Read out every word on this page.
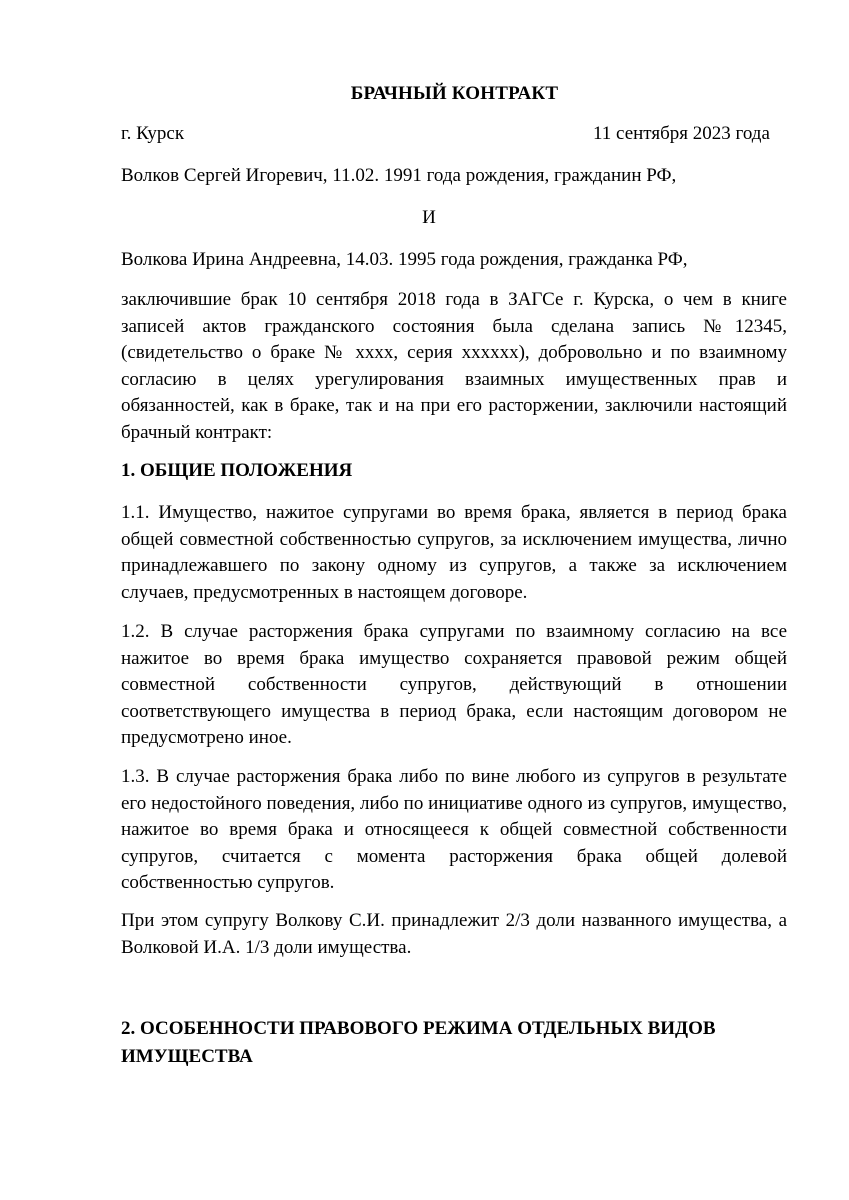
БРАЧНЫЙ КОНТРАКТ
г. Курск	11 сентября 2023 года
Волков Сергей Игоревич, 11.02. 1991 года рождения, гражданин РФ,
И
Волкова Ирина Андреевна, 14.03. 1995 года рождения, гражданка РФ,
заключившие брак 10 сентября 2018 года в ЗАГСе г. Курска, о чем в книге записей актов гражданского состояния была сделана запись №12345, (свидетельство о браке № хххх, серия хххххх), добровольно и по взаимному согласию в целях урегулирования взаимных имущественных прав и обязанностей, как в браке, так и на при его расторжении, заключили настоящий брачный контракт:
1. ОБЩИЕ ПОЛОЖЕНИЯ
1.1. Имущество, нажитое супругами во время брака, является в период брака общей совместной собственностью супругов, за исключением имущества, лично принадлежавшего по закону одному из супругов, а также за исключением случаев, предусмотренных в настоящем договоре.
1.2. В случае расторжения брака супругами по взаимному согласию на все нажитое во время брака имущество сохраняется правовой режим общей совместной собственности супругов, действующий в отношении соответствующего имущества в период брака, если настоящим договором не предусмотрено иное.
1.3. В случае расторжения брака либо по вине любого из супругов в результате его недостойного поведения, либо по инициативе одного из супругов, имущество, нажитое во время брака и относящееся к общей совместной собственности супругов, считается с момента расторжения брака общей долевой собственностью супругов.
При этом супругу Волкову С.И. принадлежит 2/3 доли названного имущества, а Волковой И.А. 1/3 доли имущества.
2. ОСОБЕННОСТИ ПРАВОВОГО РЕЖИМА ОТДЕЛЬНЫХ ВИДОВ ИМУЩЕСТВА
